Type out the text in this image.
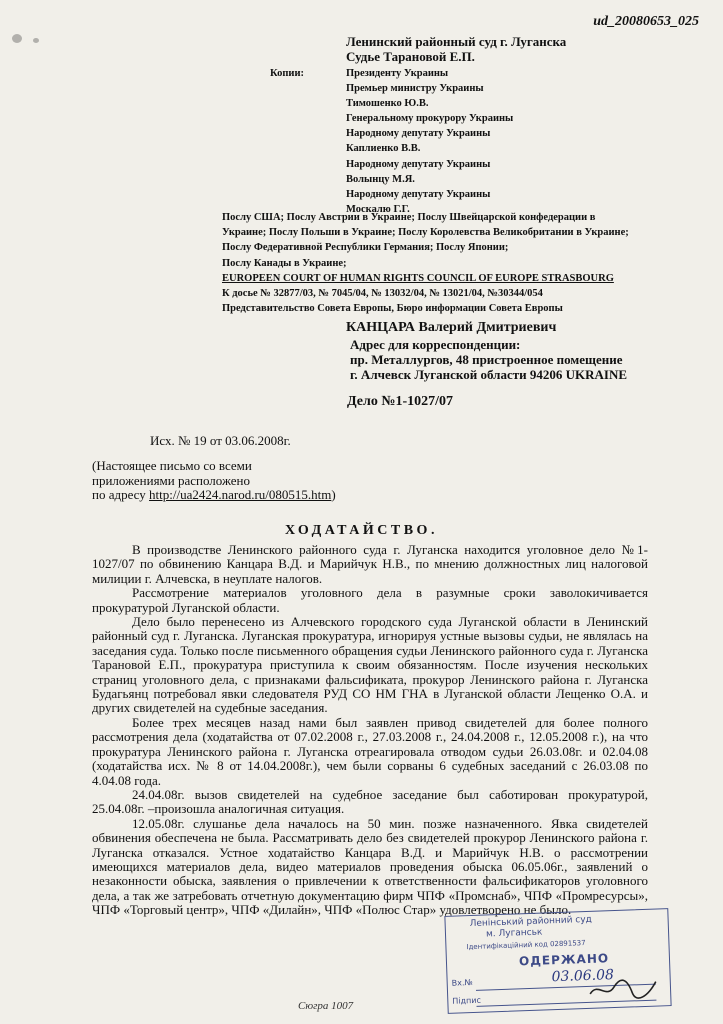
ud_20080653_025
Ленинский районный суд г. Луганска
Судье Тарановой Е.П.
Копии:	Президенту Украины
Премьер министру Украины
Тимошенко Ю.В.
Генеральному прокурору Украины
Народному депутату Украины
Каплиенко В.В.
Народному депутату Украины
Волынцу М.Я.
Народному депутату Украины
Москалю Г.Г.
Послу США; Послу Австрии в Украине; Послу Швейцарской конфедерации в
Украине; Послу Польши в Украине; Послу Королевства Великобритании в Украине;
Послу Федеративной Республики Германия; Послу Японии;
Послу Канады в Украине;
EUROPEEN COURT OF HUMAN RIGHTS COUNCIL OF EUROPE STRASBOURG
К досье № 32877/03, № 7045/04, № 13032/04, № 13021/04, №30344/054
Представительство Совета Европы, Бюро информации Совета Европы
КАНЦАРА Валерий Дмитриевич
Адрес для корреспонденции:
пр. Металлургов, 48 пристроенное помещение
г. Алчевск Луганской области 94206 UKRAINE
Дело №1-1027/07
Исх. № 19 от 03.06.2008г.
(Настоящее письмо со всеми
приложениями расположено
по адресу http://ua2424.narod.ru/080515.htm)
ХОДАТАЙСТВО.

В производстве Ленинского районного суда г. Луганска находится уголовное дело №1-1027/07 по обвинению Канцара В.Д. и Марийчук Н.В., по мнению должностных лиц налоговой милиции г. Алчевска, в неуплате налогов.

Рассмотрение материалов уголовного дела в разумные сроки заволокичивается прокуратурой Луганской области.

Дело было перенесено из Алчевского городского суда Луганской области в Ленинский районный суд г. Луганска. Луганская прокуратура, игнорируя устные вызовы судьи, не являлась на заседания суда. Только после письменного обращения судьи Ленинского районного суда г. Луганска Тарановой Е.П., прокуратура приступила к своим обязанностям. После изучения нескольких страниц уголовного дела, с признаками фальсификата, прокурор Ленинского района г. Луганска Будагьянц потребовал явки следователя РУД СО НМ ГНА в Луганской области Лещенко О.А. и других свидетелей на судебные заседания.

Более трех месяцев назад нами был заявлен привод свидетелей для более полного рассмотрения дела (ходатайства от 07.02.2008 г., 27.03.2008 г., 24.04.2008 г., 12.05.2008 г.), на что прокуратура Ленинского района г. Луганска отреагировала отводом судьи 26.03.08г. и 02.04.08 (ходатайства исх. № 8 от 14.04.2008г.), чем были сорваны 6 судебных заседаний с 26.03.08 по 4.04.08 года.

24.04.08г. вызов свидетелей на судебное заседание был саботирован прокуратурой, 25.04.08г. –произошла аналогичная ситуация.

12.05.08г. слушанье дела началось на 50 мин. позже назначенного. Явка свидетелей обвинения обеспечена не была. Рассматривать дело без свидетелей прокурор Ленинского района г. Луганска отказался. Устное ходатайство Канцара В.Д. и Марийчук Н.В. о рассмотрении имеющихся материалов дела, видео материалов проведения обыска 06.05.06г., заявлений о незаконности обыска, заявления о привлечении к ответственности фальсификаторов уголовного дела, а так же затребовать отчетную документацию фирм ЧПФ «Промснаб», ЧПФ «Промресурсы», ЧПФ «Торговый центр», ЧПФ «Дилайн», ЧПФ «Полюс Стар» удовлетворено не было.

Ленінський районний суд
м. Луганськ
Ідентифікаційний код 02891537
ОДЕРЖАНО
Вх.№	03.06.08
Підпис
Сюгра 1007
